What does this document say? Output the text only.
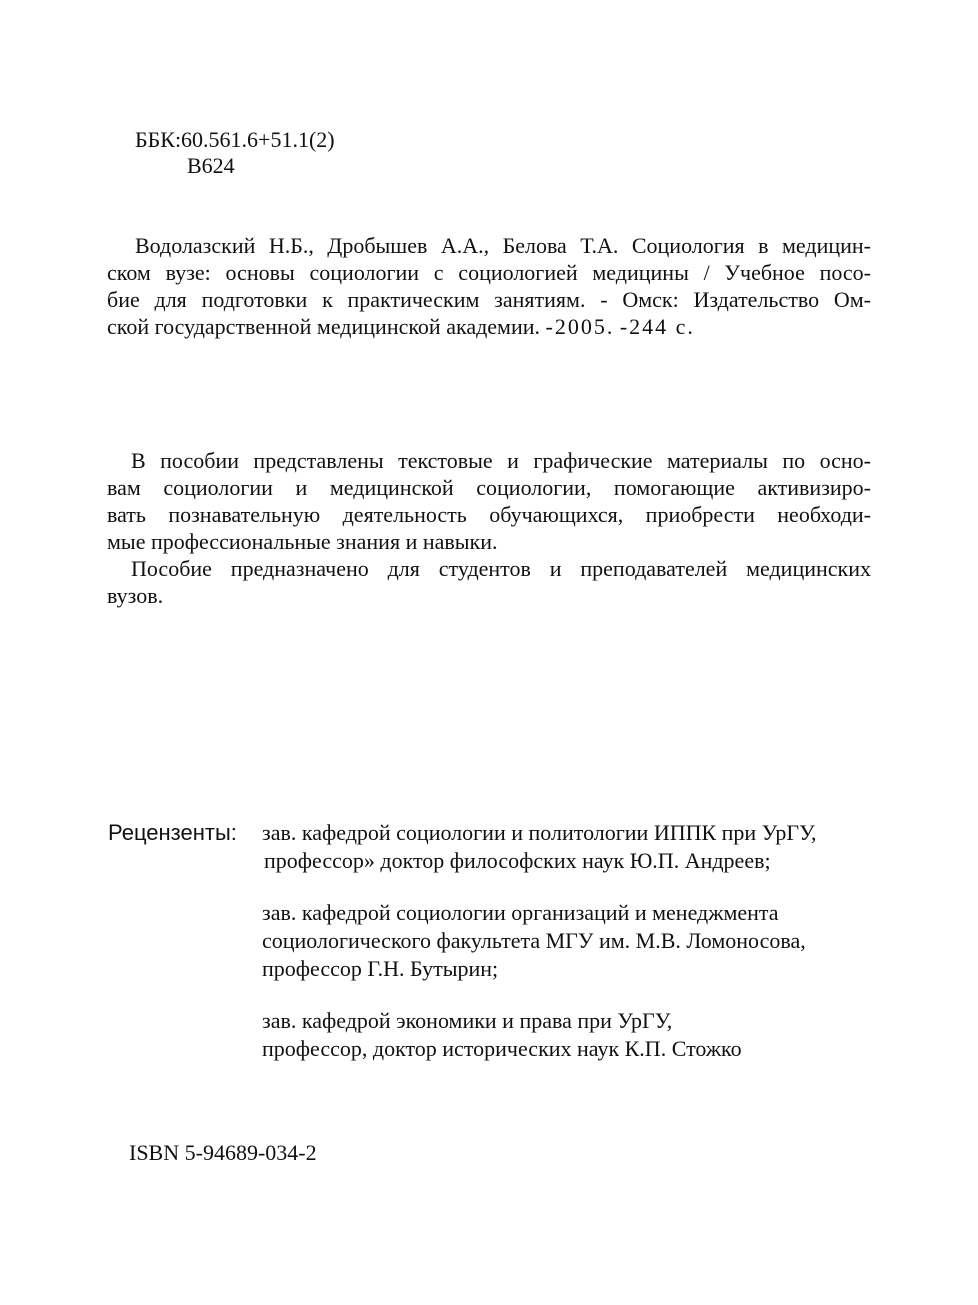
ББК:60.561.6+51.1(2)
В624
Водолазский Н.Б., Дробышев А.А., Белова Т.А. Социология в медицин-
ском вузе: основы социологии с социологией медицины / Учебное посо-
бие для подготовки к практическим занятиям. - Омск: Издательство Ом-
ской государственной медицинской академии. -2005. -244 с.
В пособии представлены текстовые и графические материалы по осно-
вам социологии и медицинской социологии, помогающие активизиро-
вать познавательную деятельность обучающихся, приобрести необходи-
мые профессиональные знания и навыки.
Пособие предназначено для студентов и преподавателей медицинских
вузов.
Рецензенты: зав. кафедрой социологии и политологии ИППК при УрГУ,
профессор» доктор философских наук Ю.П. Андреев;
зав. кафедрой социологии организаций и менеджмента
социологического факультета МГУ им. М.В. Ломоносова,
профессор Г.Н. Бутырин;
зав. кафедрой экономики и права при УрГУ,
профессор, доктор исторических наук К.П. Стожко
ISBN 5-94689-034-2
